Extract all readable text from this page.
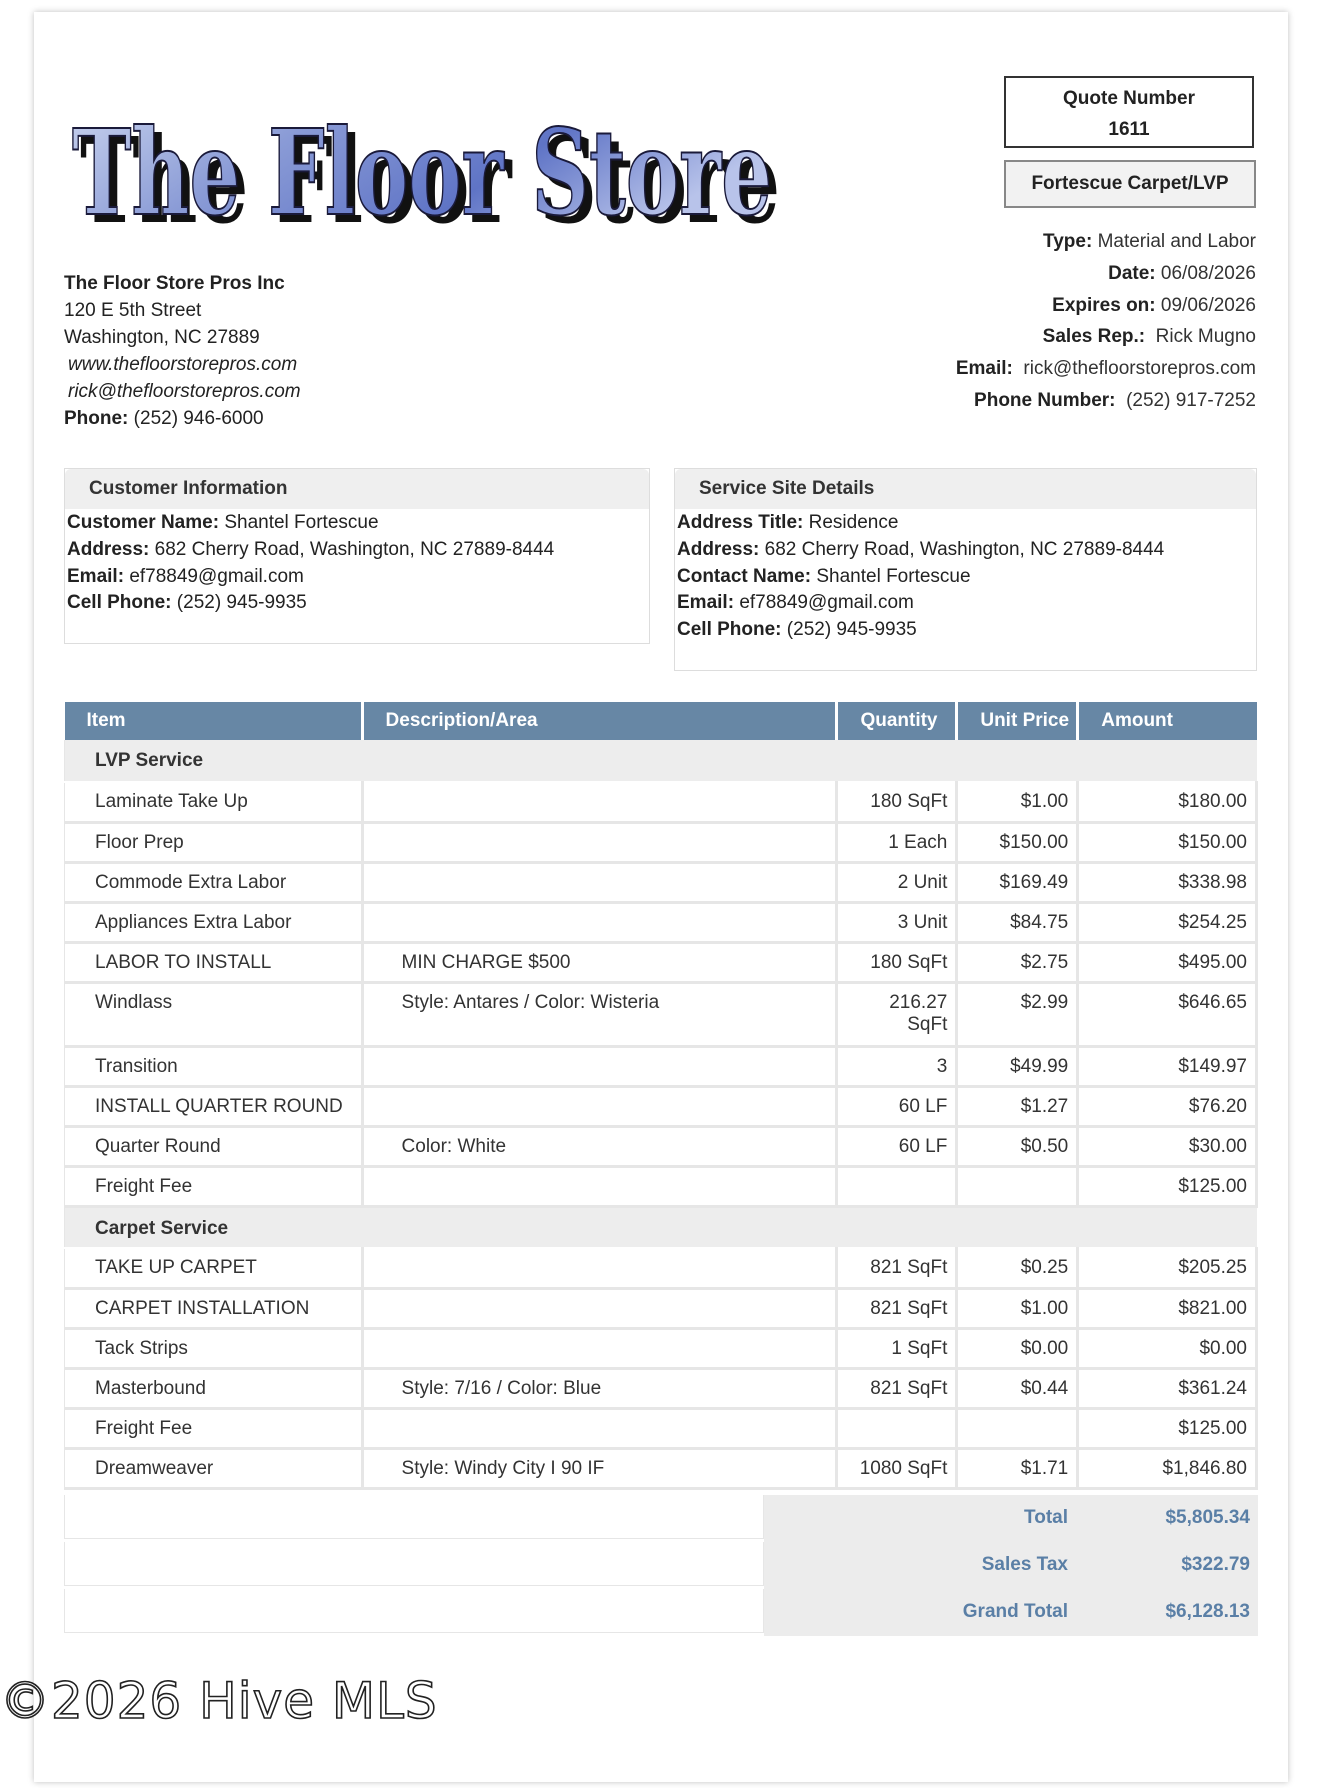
The Floor Store
The Floor Store
The Floor Store Pros Inc
120 E 5th Street
Washington, NC 27889
www.thefloorstorepros.com
rick@thefloorstorepros.com
Phone: (252) 946-6000
Quote Number
1611
Fortescue Carpet/LVP
Type: Material and Labor
Date: 06/08/2026
Expires on: 09/06/2026
Sales Rep.: Rick Mugno
Email: rick@thefloorstorepros.com
Phone Number: (252) 917-7252
Customer Information
Customer Name: Shantel Fortescue
Address: 682 Cherry Road, Washington, NC 27889-8444
Email: ef78849@gmail.com
Cell Phone: (252) 945-9935
Service Site Details
Address Title: Residence
Address: 682 Cherry Road, Washington, NC 27889-8444
Contact Name: Shantel Fortescue
Email: ef78849@gmail.com
Cell Phone: (252) 945-9935
Item	Description/Area	Quantity	Unit Price	Amount
LVP Service				
Laminate Take Up		180 SqFt	$1.00	$180.00
Floor Prep		1 Each	$150.00	$150.00
Commode Extra Labor		2 Unit	$169.49	$338.98
Appliances Extra Labor		3 Unit	$84.75	$254.25
LABOR TO INSTALL	MIN CHARGE $500	180 SqFt	$2.75	$495.00
Windlass	Style: Antares / Color: Wisteria	216.27 SqFt	$2.99	$646.65
Transition		3	$49.99	$149.97
INSTALL QUARTER ROUND		60 LF	$1.27	$76.20
Quarter Round	Color: White	60 LF	$0.50	$30.00
Freight Fee				$125.00
Carpet Service				
TAKE UP CARPET		821 SqFt	$0.25	$205.25
CARPET INSTALLATION		821 SqFt	$1.00	$821.00
Tack Strips		1 SqFt	$0.00	$0.00
Masterbound	Style: 7/16 / Color: Blue	821 SqFt	$0.44	$361.24
Freight Fee				$125.00
Dreamweaver	Style: Windy City I 90 IF	1080 SqFt	$1.71	$1,846.80
Total	$5,805.34
Sales Tax	$322.79
Grand Total	$6,128.13
©2026 Hive MLS
